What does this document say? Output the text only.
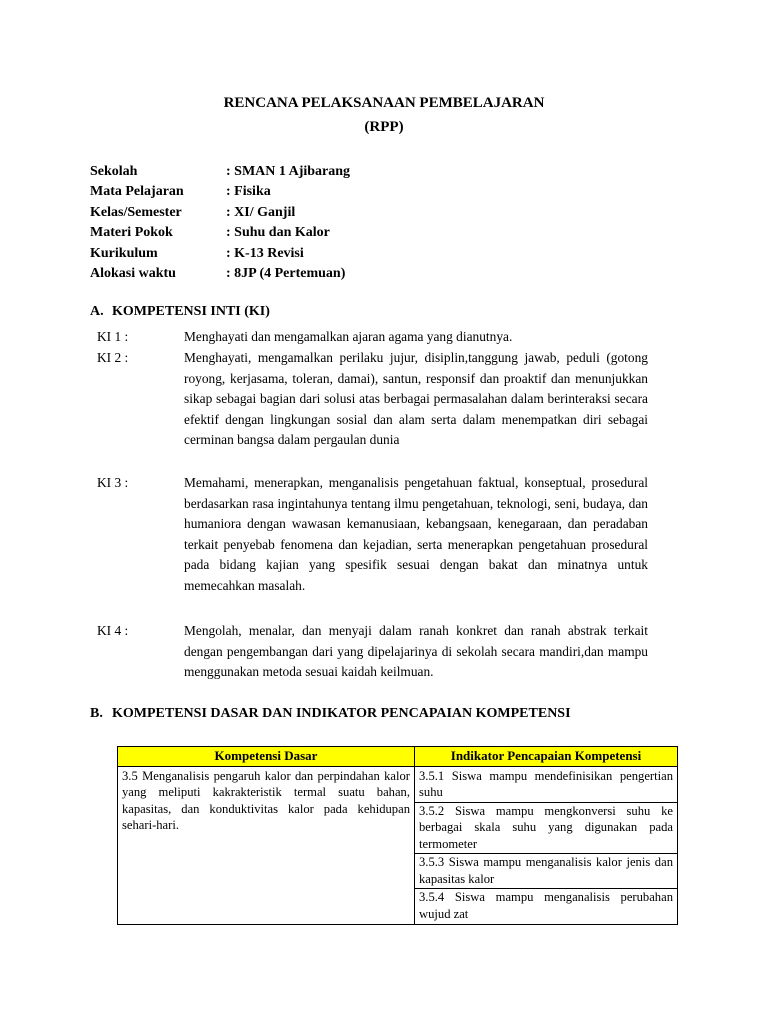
RENCANA PELAKSANAAN PEMBELAJARAN
(RPP)
Sekolah	: SMAN 1 Ajibarang
Mata Pelajaran	: Fisika
Kelas/Semester	: XI/ Ganjil
Materi Pokok	: Suhu dan Kalor
Kurikulum	: K-13 Revisi
Alokasi waktu	: 8JP (4 Pertemuan)
A. KOMPETENSI INTI (KI)
KI 1 :	Menghayati dan mengamalkan ajaran agama yang dianutnya.
KI 2 :	Menghayati, mengamalkan perilaku jujur, disiplin,tanggung jawab, peduli (gotong royong, kerjasama, toleran, damai), santun, responsif dan proaktif dan menunjukkan sikap sebagai bagian dari solusi atas berbagai permasalahan dalam berinteraksi secara efektif dengan lingkungan sosial dan alam serta dalam menempatkan diri sebagai cerminan bangsa dalam pergaulan dunia
KI 3 :	Memahami, menerapkan, menganalisis pengetahuan faktual, konseptual, prosedural berdasarkan rasa ingintahunya tentang ilmu pengetahuan, teknologi, seni, budaya, dan humaniora dengan wawasan kemanusiaan, kebangsaan, kenegaraan, dan peradaban terkait penyebab fenomena dan kejadian, serta menerapkan pengetahuan prosedural pada bidang kajian yang spesifik sesuai dengan bakat dan minatnya untuk memecahkan masalah.
KI 4 :	Mengolah, menalar, dan menyaji dalam ranah konkret dan ranah abstrak terkait dengan pengembangan dari yang dipelajarinya di sekolah secara mandiri,dan mampu menggunakan metoda sesuai kaidah keilmuan.
B. KOMPETENSI DASAR DAN INDIKATOR PENCAPAIAN KOMPETENSI
Kompetensi Dasar	Indikator Pencapaian Kompetensi
3.5 Menganalisis pengaruh kalor dan perpindahan kalor yang meliputi kakrakteristik termal suatu bahan, kapasitas, dan konduktivitas kalor pada kehidupan sehari-hari.	3.5.1 Siswa mampu mendefinisikan pengertian suhu
3.5.2 Siswa mampu mengkonversi suhu ke berbagai skala suhu yang digunakan pada termometer
3.5.3 Siswa mampu menganalisis kalor jenis dan kapasitas kalor
3.5.4 Siswa mampu menganalisis perubahan wujud zat
